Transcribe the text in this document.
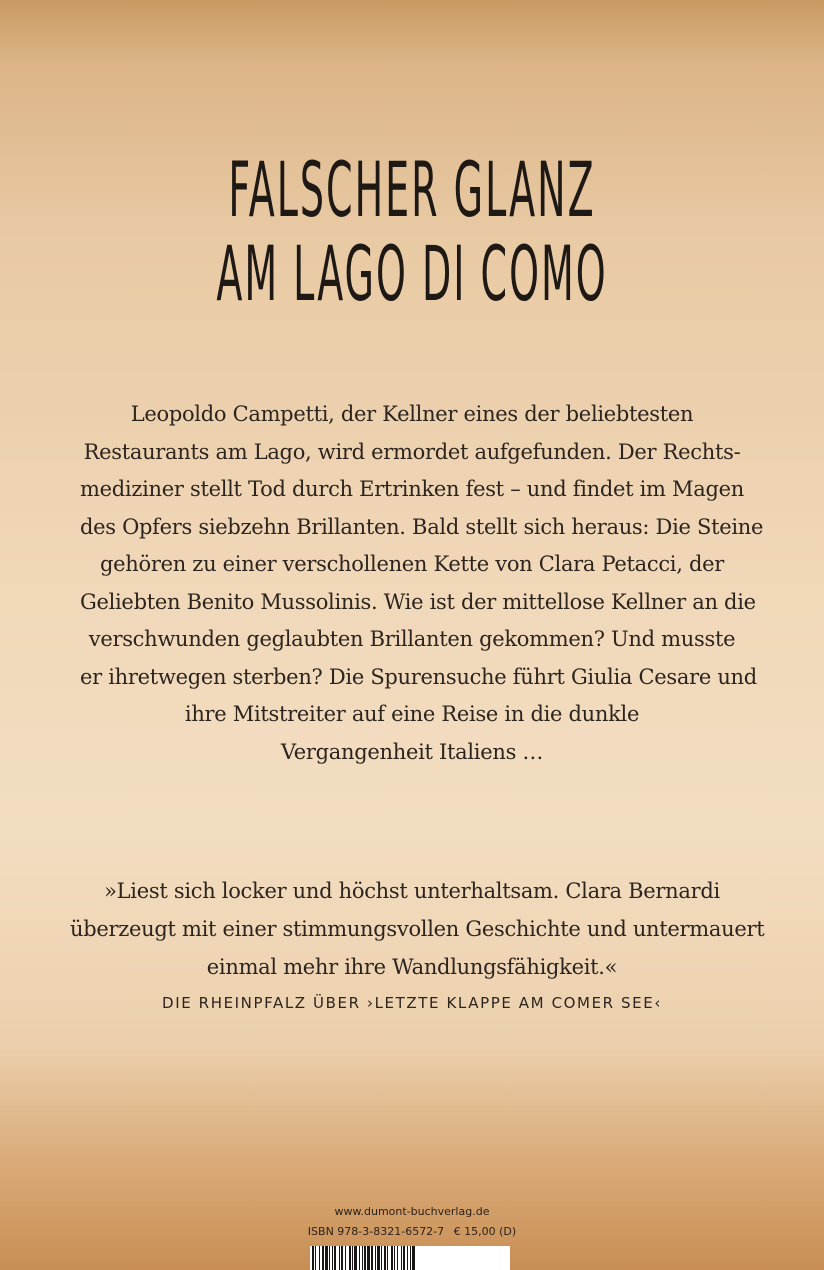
FALSCHER GLANZ
AM LAGO DI COMO

Leopoldo Campetti, der Kellner eines der beliebtesten
Restaurants am Lago, wird ermordet aufgefunden. Der Rechts-
mediziner stellt Tod durch Ertrinken fest – und findet im Magen
des Opfers siebzehn Brillanten. Bald stellt sich heraus: Die Steine
gehören zu einer verschollenen Kette von Clara Petacci, der
Geliebten Benito Mussolinis. Wie ist der mittellose Kellner an die
verschwunden geglaubten Brillanten gekommen? Und musste
er ihretwegen sterben? Die Spurensuche führt Giulia Cesare und
ihre Mitstreiter auf eine Reise in die dunkle
Vergangenheit Italiens …

»Liest sich locker und höchst unterhaltsam. Clara Bernardi
überzeugt mit einer stimmungsvollen Geschichte und untermauert
einmal mehr ihre Wandlungsfähigkeit.«

DIE RHEINPFALZ ÜBER ›LETZTE KLAPPE AM COMER SEE‹
www.dumont-buchverlag.de
ISBN 978-3-8321-6572-7 € 15,00 (D)
